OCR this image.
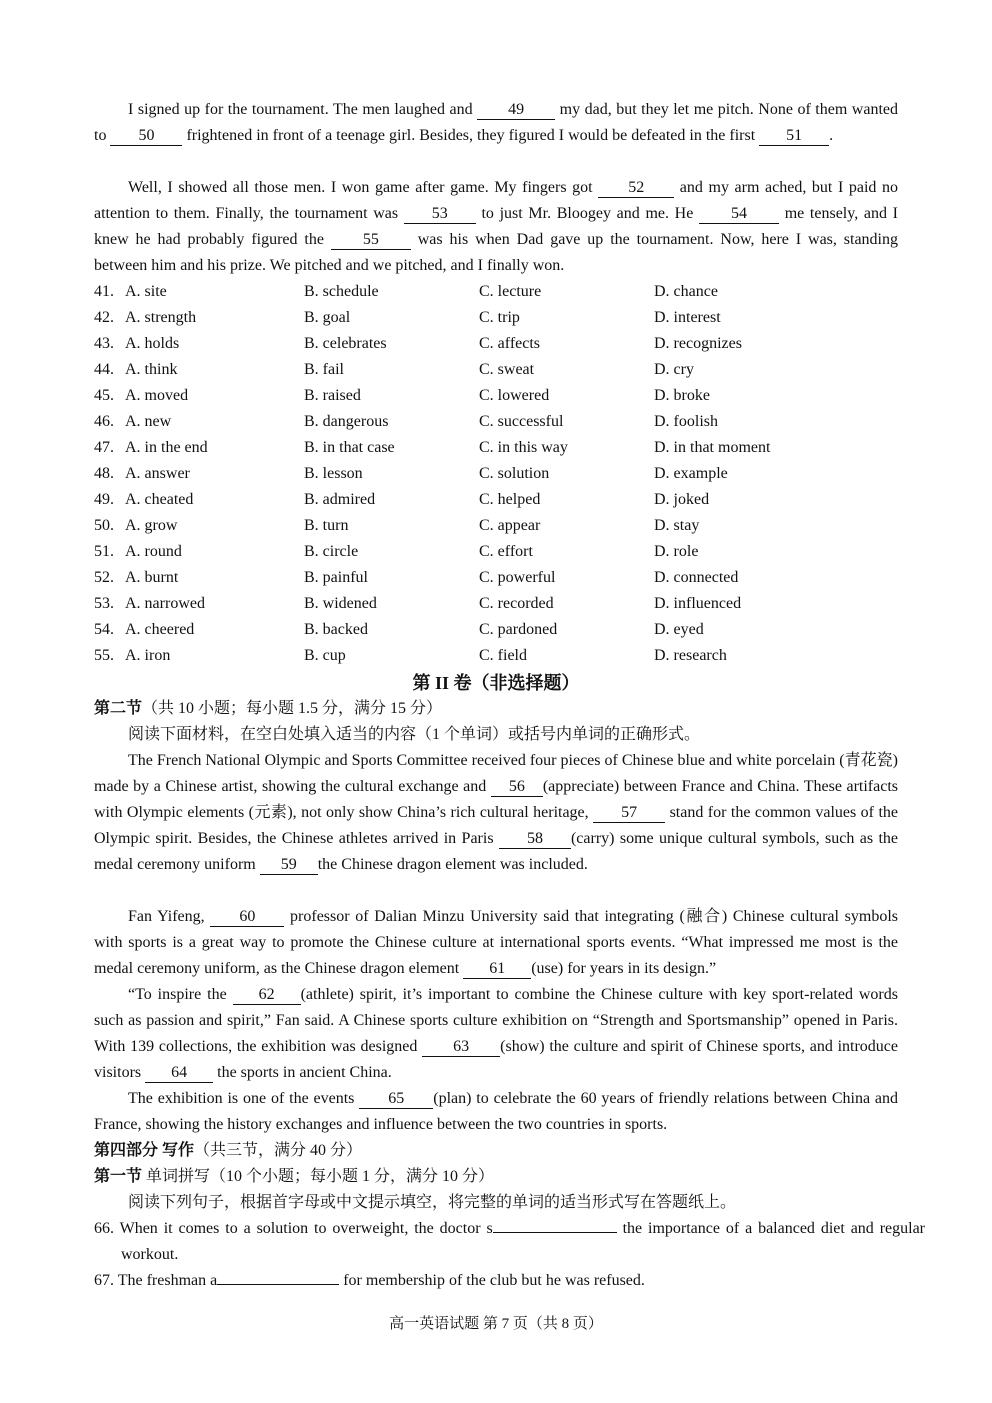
I signed up for the tournament. The men laughed and 49 my dad, but they let me pitch. None of them wanted to 50 frightened in front of a teenage girl. Besides, they figured I would be defeated in the first 51 .

Well, I showed all those men. I won game after game. My fingers got 52 and my arm ached, but I paid no attention to them. Finally, the tournament was 53 to just Mr. Bloogey and me. He 54 me tensely, and I knew he had probably figured the 55 was his when Dad gave up the tournament. Now, here I was, standing between him and his prize. We pitched and we pitched, and I finally won.

41. A. site	B. schedule	C. lecture	D. chance
42. A. strength	B. goal	C. trip	D. interest
43. A. holds	B. celebrates	C. affects	D. recognizes
44. A. think	B. fail	C. sweat	D. cry
45. A. moved	B. raised	C. lowered	D. broke
46. A. new	B. dangerous	C. successful	D. foolish
47. A. in the end	B. in that case	C. in this way	D. in that moment
48. A. answer	B. lesson	C. solution	D. example
49. A. cheated	B. admired	C. helped	D. joked
50. A. grow	B. turn	C. appear	D. stay
51. A. round	B. circle	C. effort	D. role
52. A. burnt	B. painful	C. powerful	D. connected
53. A. narrowed	B. widened	C. recorded	D. influenced
54. A. cheered	B. backed	C. pardoned	D. eyed
55. A. iron	B. cup	C. field	D. research
第 II 卷（非选择题）
第二节（共 10 小题；每小题 1.5 分，满分 15 分）
阅读下面材料，在空白处填入适当的内容（1 个单词）或括号内单词的正确形式。

The French National Olympic and Sports Committee received four pieces of Chinese blue and white porcelain (青花瓷) made by a Chinese artist, showing the cultural exchange and 56 (appreciate) between France and China. These artifacts with Olympic elements (元素), not only show China’s rich cultural heritage, 57 stand for the common values of the Olympic spirit. Besides, the Chinese athletes arrived in Paris 58 (carry) some unique cultural symbols, such as the medal ceremony uniform 59 the Chinese dragon element was included.

Fan Yifeng, 60 professor of Dalian Minzu University said that integrating (融合) Chinese cultural symbols with sports is a great way to promote the Chinese culture at international sports events. “What impressed me most is the medal ceremony uniform, as the Chinese dragon element 61 (use) for years in its design.”

“To inspire the 62 (athlete) spirit, it’s important to combine the Chinese culture with key sport-related words such as passion and spirit,” Fan said. A Chinese sports culture exhibition on “Strength and Sportsmanship” opened in Paris. With 139 collections, the exhibition was designed 63 (show) the culture and spirit of Chinese sports, and introduce visitors 64 the sports in ancient China.

The exhibition is one of the events 65 (plan) to celebrate the 60 years of friendly relations between China and France, showing the history exchanges and influence between the two countries in sports.

第四部分 写作（共三节，满分 40 分）
第一节 单词拼写（10 个小题；每小题 1 分，满分 10 分）
阅读下列句子，根据首字母或中文提示填空，将完整的单词的适当形式写在答题纸上。

66. When it comes to a solution to overweight, the doctor s	the importance of a balanced diet and regular workout.

67. The freshman a	for membership of the club but he was refused.

高一英语试题 第 7 页（共 8 页）
